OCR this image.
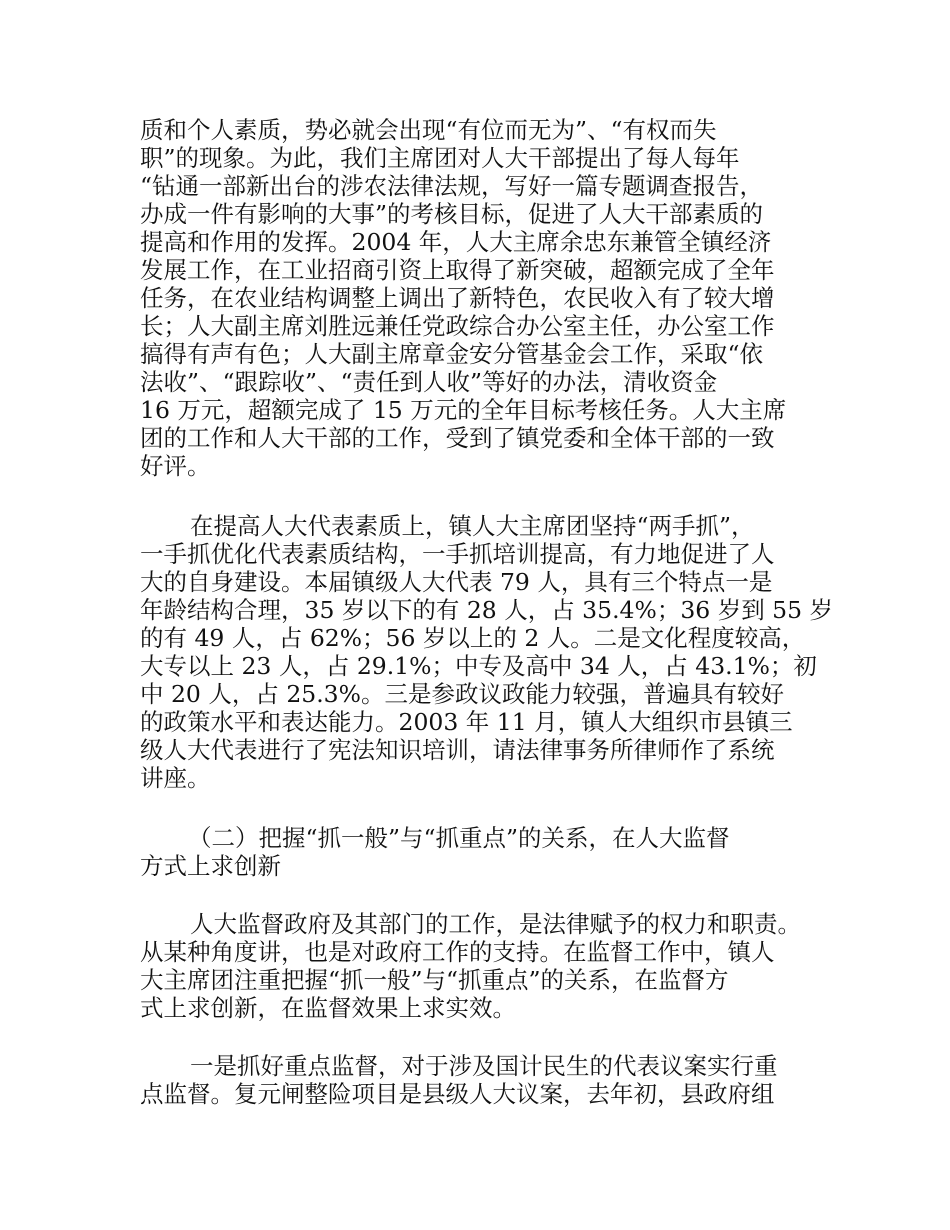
质和个人素质，势必就会出现“有位而无为”、“有权而失
职”的现象。为此，我们主席团对人大干部提出了每人每年
“钻通一部新出台的涉农法律法规，写好一篇专题调查报告，
办成一件有影响的大事”的考核目标，促进了人大干部素质的
提高和作用的发挥。2004 年，人大主席余忠东兼管全镇经济
发展工作，在工业招商引资上取得了新突破，超额完成了全年
任务，在农业结构调整上调出了新特色，农民收入有了较大增
长；人大副主席刘胜远兼任党政综合办公室主任，办公室工作
搞得有声有色；人大副主席章金安分管基金会工作，采取“依
法收”、“跟踪收”、“责任到人收”等好的办法，清收资金
16 万元，超额完成了 15 万元的全年目标考核任务。人大主席
团的工作和人大干部的工作，受到了镇党委和全体干部的一致
好评。
在提高人大代表素质上，镇人大主席团坚持“两手抓”，
一手抓优化代表素质结构，一手抓培训提高，有力地促进了人
大的自身建设。本届镇级人大代表 79 人，具有三个特点一是
年龄结构合理，35 岁以下的有 28 人，占 35.4%；36 岁到 55 岁
的有 49 人，占 62%；56 岁以上的 2 人。二是文化程度较高，
大专以上 23 人，占 29.1%；中专及高中 34 人，占 43.1%；初
中 20 人，占 25.3%。三是参政议政能力较强，普遍具有较好
的政策水平和表达能力。2003 年 11 月，镇人大组织市县镇三
级人大代表进行了宪法知识培训，请法律事务所律师作了系统
讲座。
（二）把握“抓一般”与“抓重点”的关系，在人大监督
方式上求创新
人大监督政府及其部门的工作，是法律赋予的权力和职责。
从某种角度讲，也是对政府工作的支持。在监督工作中，镇人
大主席团注重把握“抓一般”与“抓重点”的关系，在监督方
式上求创新，在监督效果上求实效。
一是抓好重点监督，对于涉及国计民生的代表议案实行重
点监督。复元闸整险项目是县级人大议案，去年初，县政府组
